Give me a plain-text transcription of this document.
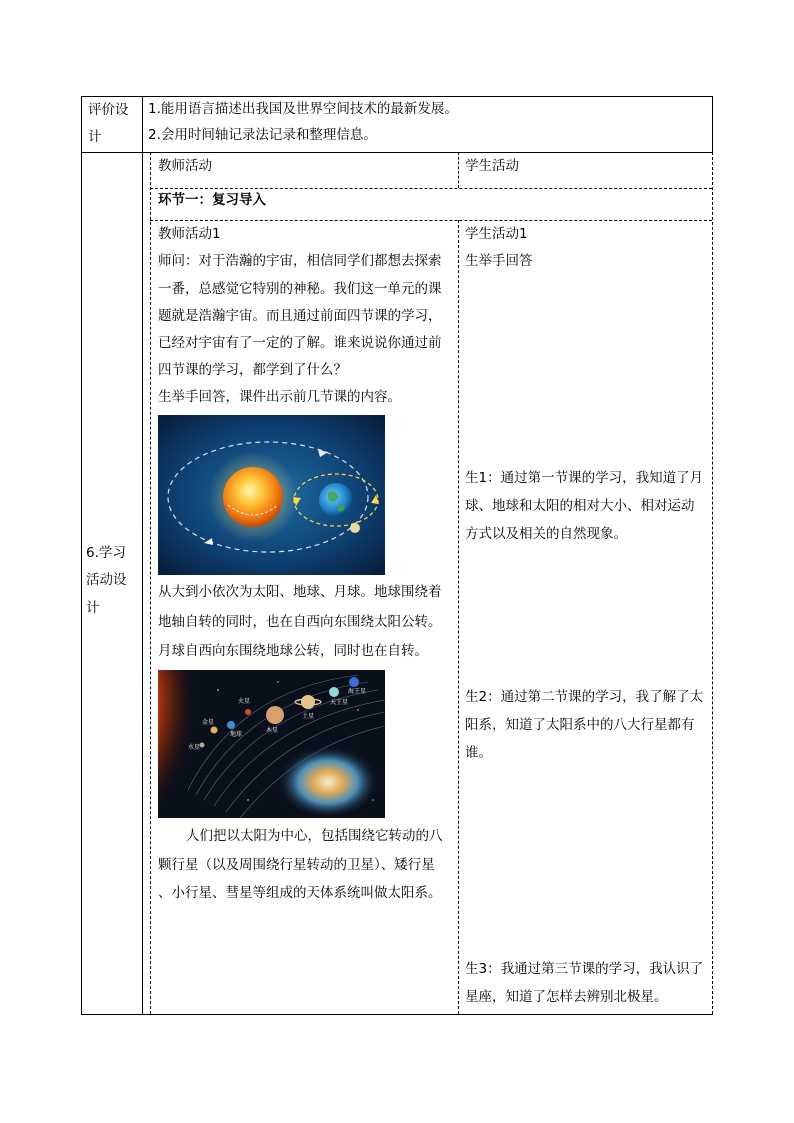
评价设
计
1.能用语言描述出我国及世界空间技术的最新发展。
2.会用时间轴记录法记录和整理信息。
6.学习
活动设
计
教师活动	学生活动
环节一：复习导入
教师活动1
师问：对于浩瀚的宇宙，相信同学们都想去探索
一番，总感觉它特别的神秘。我们这一单元的课
题就是浩瀚宇宙。而且通过前面四节课的学习，
已经对宇宙有了一定的了解。谁来说说你通过前
四节课的学习，都学到了什么？
生举手回答，课件出示前几节课的内容。
从大到小依次为太阳、地球、月球。地球围绕着
地轴自转的同时，也在自西向东围绕太阳公转。
月球自西向东围绕地球公转，同时也在自转。
水星
金星
地球
火星
木星
土星
天王星
海王星
人们把以太阳为中心，包括围绕它转动的八
颗行星（以及周围绕行星转动的卫星）、矮行星
、小行星、彗星等组成的天体系统叫做太阳系。
学生活动1
生举手回答
生1：通过第一节课的学习，我知道了月
球、地球和太阳的相对大小、相对运动
方式以及相关的自然现象。
生2：通过第二节课的学习，我了解了太
阳系，知道了太阳系中的八大行星都有
谁。
生3：我通过第三节课的学习，我认识了
星座，知道了怎样去辨别北极星。
